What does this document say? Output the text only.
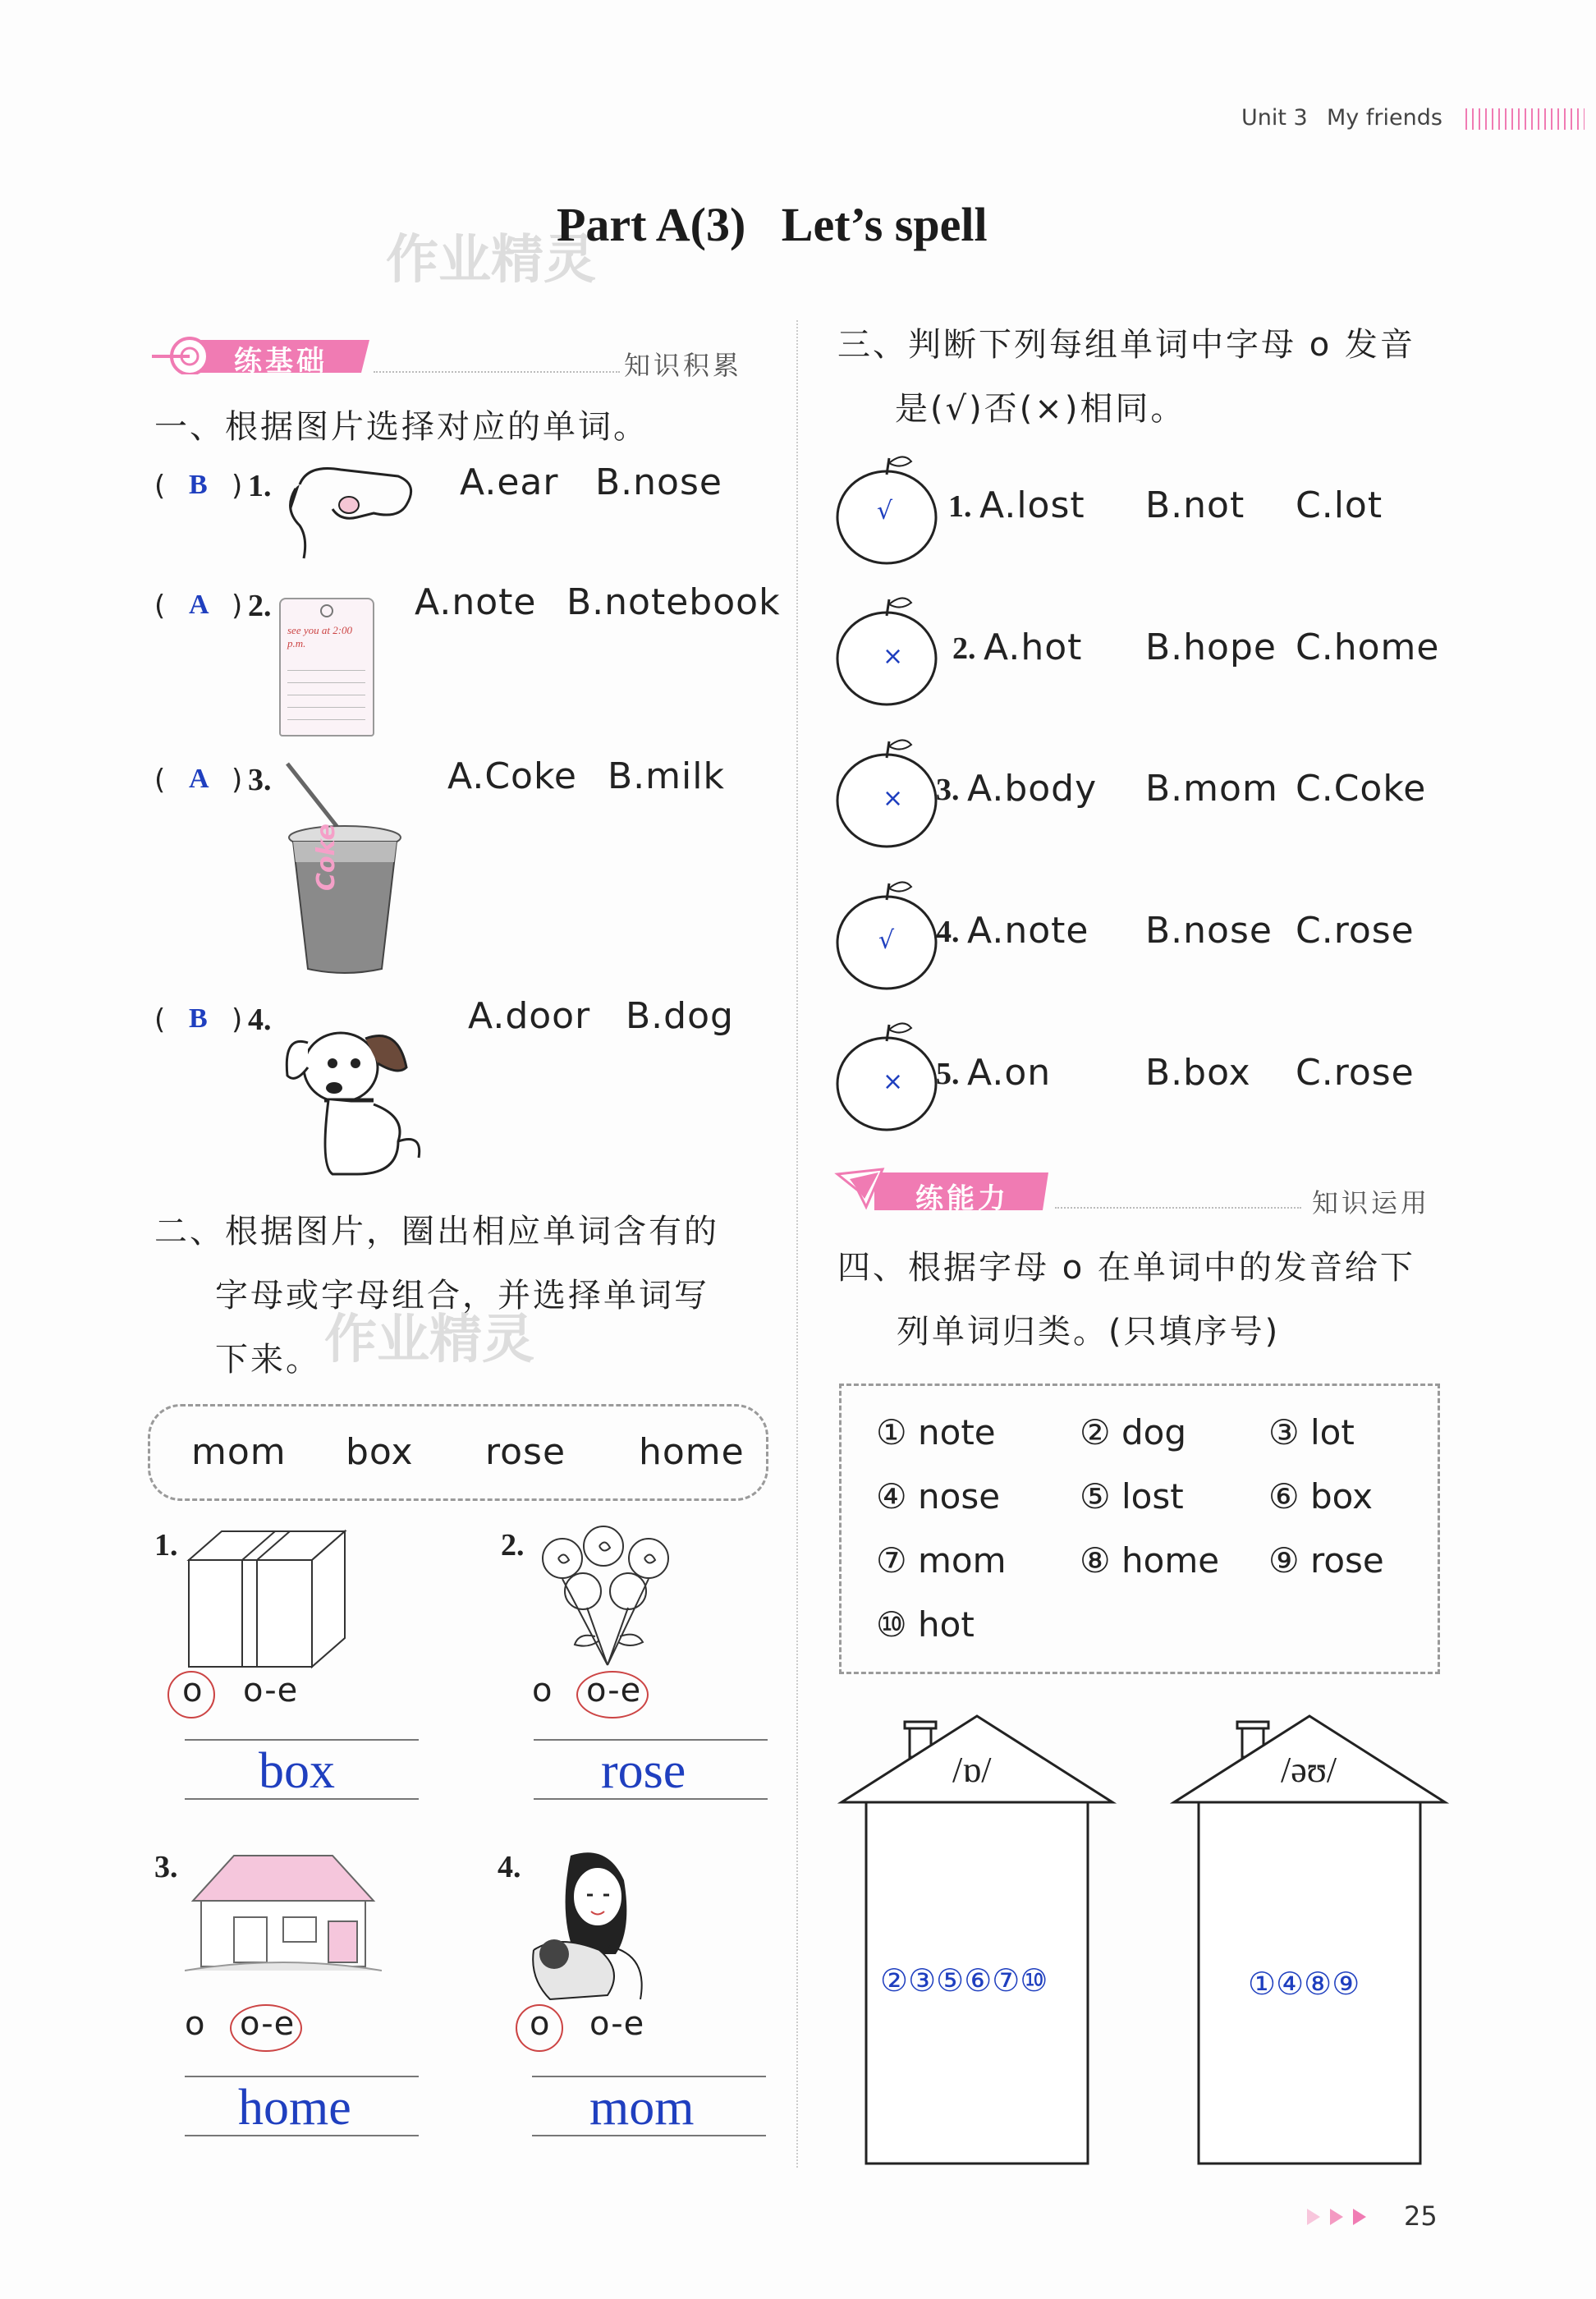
Unit 3 My friends
作业精灵
Part A(3)   Let’s spell
练基础	知识积累
一、根据图片选择对应的单词。
( B ) 1.	A.ear B.nose
( A ) 2.
see you at 2:00 p.m.
A.note B.notebook
( A ) 3.
Coke
A.Coke B.milk
( B ) 4.	A.door B.dog
二、根据图片，圈出相应单词含有的
字母或字母组合，并选择单词写
下来。 作业精灵
mom box rose home
1.
o o-e
box
2.
o o-e
rose
3.
o o-e
home
4.
o o-e
mom
三、判断下列每组单词中字母 o 发音
是(√)否(×)相同。
√ 1. A.lost B.not C.lot
× 2. A.hot B.hope C.home
× 3. A.body B.mom C.Coke
√ 4. A.note B.nose C.rose
× 5. A.on	B.box C.rose
练能力	知识运用
四、根据字母 o 在单词中的发音给下
列单词归类。(只填序号)
① note ② dog ③ lot
④ nose ⑤ lost ⑥ box
⑦ mom ⑧ home ⑨ rose
⑩ hot
/ɒ/
②③⑤⑥⑦⑩
/əʊ/
①④⑧⑨
25
